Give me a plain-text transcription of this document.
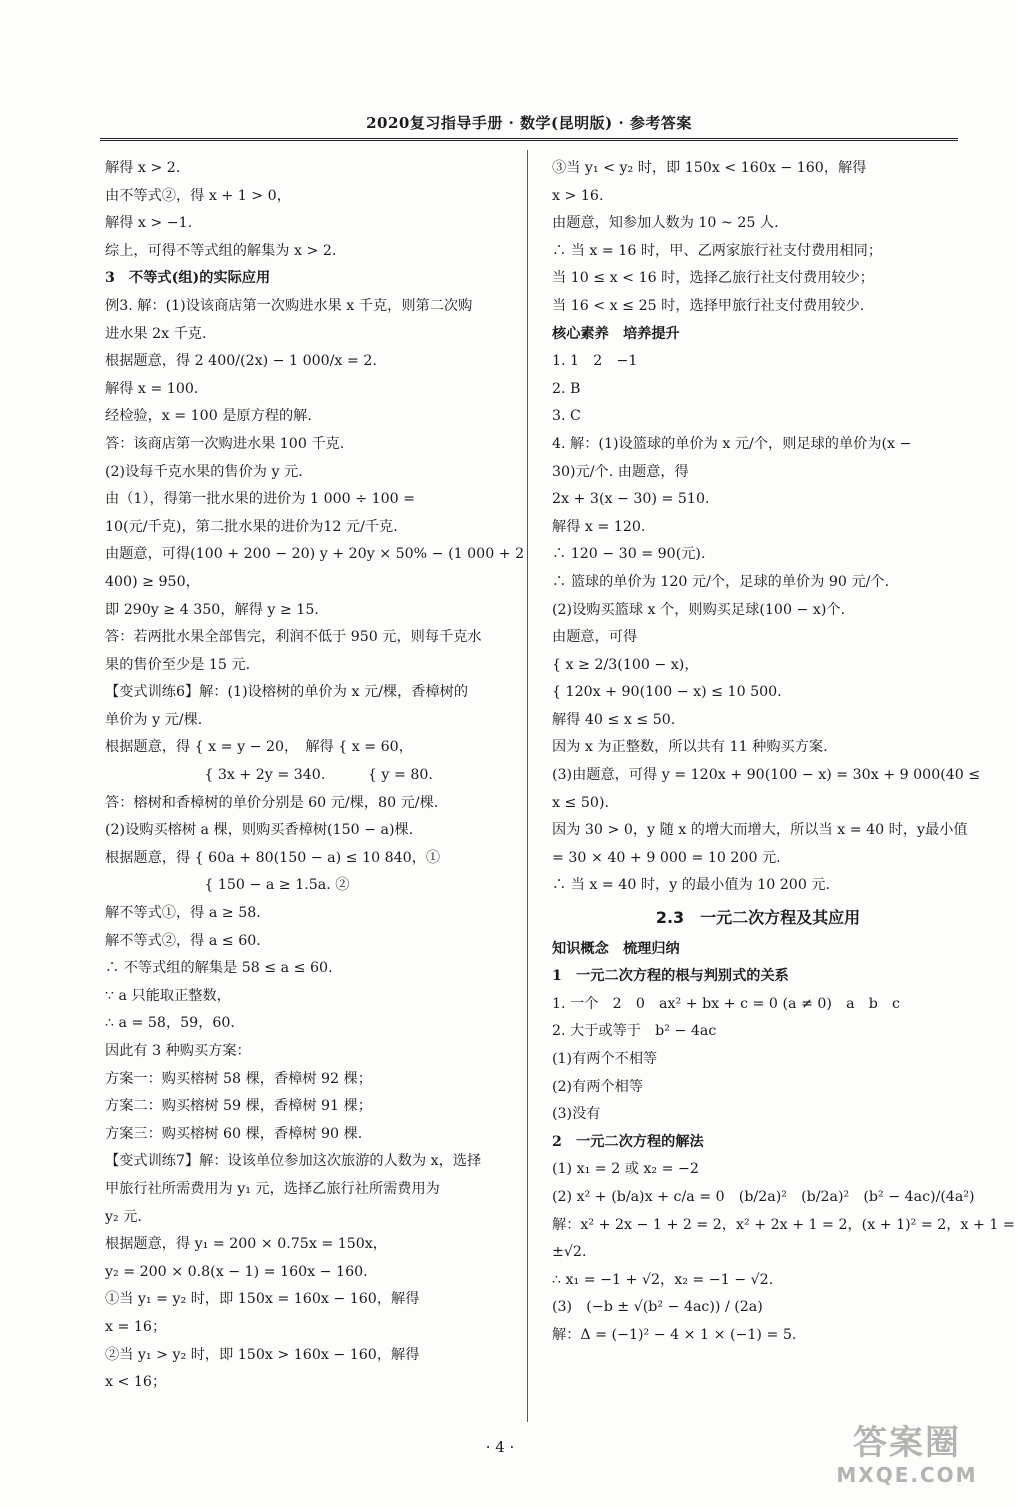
2020复习指导手册 · 数学(昆明版) · 参考答案
解得 x > 2.
由不等式②，得 x + 1 > 0，
解得 x > −1.
综上，可得不等式组的解集为 x > 2.
3　不等式(组)的实际应用
例3. 解：(1)设该商店第一次购进水果 x 千克，则第二次购
进水果 2x 千克.
根据题意，得 2 400/(2x) − 1 000/x = 2.
解得 x = 100.
经检验，x = 100 是原方程的解.
答：该商店第一次购进水果 100 千克.
(2)设每千克水果的售价为 y 元.
由（1），得第一批水果的进价为 1 000 ÷ 100 =
10(元/千克)，第二批水果的进价为12 元/千克.
由题意，可得(100 + 200 − 20) y + 20y × 50% − (1 000 + 2
400) ≥ 950，
即 290y ≥ 4 350，解得 y ≥ 15.
答：若两批水果全部售完，利润不低于 950 元，则每千克水
果的售价至少是 15 元.
【变式训练6】解：(1)设榕树的单价为 x 元/棵，香樟树的
单价为 y 元/棵.
根据题意，得 { x = y − 20，　解得 { x = 60，
　　　　　　　{ 3x + 2y = 340.　　　{ y = 80.
答：榕树和香樟树的单价分别是 60 元/棵，80 元/棵.
(2)设购买榕树 a 棵，则购买香樟树(150 − a)棵.
根据题意，得 { 60a + 80(150 − a) ≤ 10 840，①
　　　　　　　{ 150 − a ≥ 1.5a. ②
解不等式①，得 a ≥ 58.
解不等式②，得 a ≤ 60.
∴ 不等式组的解集是 58 ≤ a ≤ 60.
∵ a 只能取正整数，
∴ a = 58，59，60.
因此有 3 种购买方案：
方案一：购买榕树 58 棵，香樟树 92 棵；
方案二：购买榕树 59 棵，香樟树 91 棵；
方案三：购买榕树 60 棵，香樟树 90 棵.
【变式训练7】解：设该单位参加这次旅游的人数为 x，选择
甲旅行社所需费用为 y₁ 元，选择乙旅行社所需费用为
y₂ 元.
根据题意，得 y₁ = 200 × 0.75x = 150x，
y₂ = 200 × 0.8(x − 1) = 160x − 160.
①当 y₁ = y₂ 时，即 150x = 160x − 160，解得
x = 16；
②当 y₁ > y₂ 时，即 150x > 160x − 160，解得
x < 16；
③当 y₁ < y₂ 时，即 150x < 160x − 160，解得
x > 16.
由题意，知参加人数为 10 ~ 25 人.
∴ 当 x = 16 时，甲、乙两家旅行社支付费用相同；
当 10 ≤ x < 16 时，选择乙旅行社支付费用较少；
当 16 < x ≤ 25 时，选择甲旅行社支付费用较少.
核心素养　培养提升
1. 1　2　−1
2. B
3. C
4. 解：(1)设篮球的单价为 x 元/个，则足球的单价为(x −
30)元/个. 由题意，得
2x + 3(x − 30) = 510.
解得 x = 120.
∴ 120 − 30 = 90(元).
∴ 篮球的单价为 120 元/个，足球的单价为 90 元/个.
(2)设购买篮球 x 个，则购买足球(100 − x)个.
由题意，可得
{ x ≥ 2/3(100 − x)，
{ 120x + 90(100 − x) ≤ 10 500.
解得 40 ≤ x ≤ 50.
因为 x 为正整数，所以共有 11 种购买方案.
(3)由题意，可得 y = 120x + 90(100 − x) = 30x + 9 000(40 ≤
x ≤ 50).
因为 30 > 0，y 随 x 的增大而增大，所以当 x = 40 时，y最小值
= 30 × 40 + 9 000 = 10 200 元.
∴ 当 x = 40 时，y 的最小值为 10 200 元.
2.3　一元二次方程及其应用
知识概念　梳理归纳
1　一元二次方程的根与判别式的关系
1. 一个　2　0　ax² + bx + c = 0 (a ≠ 0)　a　b　c
2. 大于或等于　b² − 4ac
(1)有两个不相等
(2)有两个相等
(3)没有
2　一元二次方程的解法
(1) x₁ = 2 或 x₂ = −2
(2) x² + (b/a)x + c/a = 0　(b/2a)²　(b/2a)²　(b² − 4ac)/(4a²)
解：x² + 2x − 1 + 2 = 2，x² + 2x + 1 = 2，(x + 1)² = 2，x + 1 =
±√2.
∴ x₁ = −1 + √2，x₂ = −1 − √2.
(3)　(−b ± √(b² − 4ac)) / (2a)
解：Δ = (−1)² − 4 × 1 × (−1) = 5.
· 4 ·	答案圈
MXQE.COM
